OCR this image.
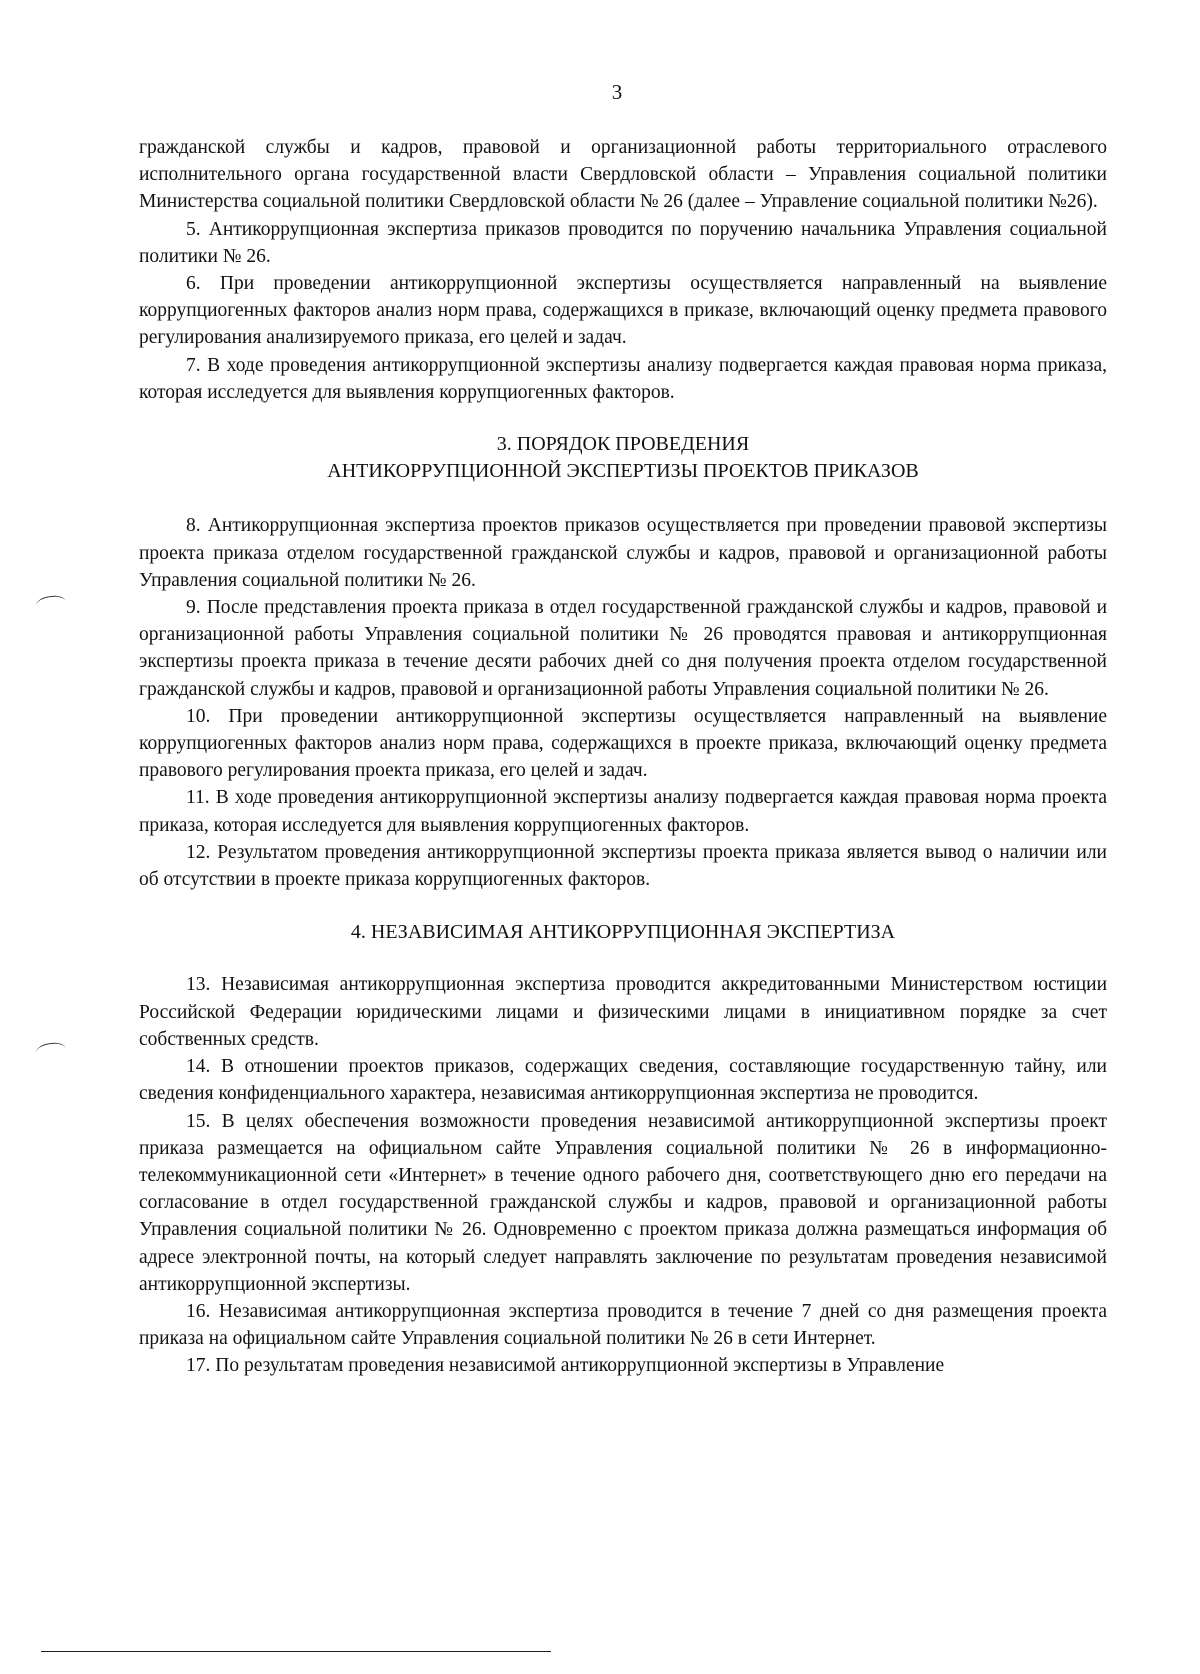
3

гражданской службы и кадров, правовой и организационной работы территориального отраслевого исполнительного органа государственной власти Свердловской области – Управления социальной политики Министерства социальной политики Свердловской области № 26 (далее – Управление социальной политики №26).

5. Антикоррупционная экспертиза приказов проводится по поручению начальника Управления социальной политики № 26.

6. При проведении антикоррупционной экспертизы осуществляется направленный на выявление коррупциогенных факторов анализ норм права, содержащихся в приказе, включающий оценку предмета правового регулирования анализируемого приказа, его целей и задач.

7. В ходе проведения антикоррупционной экспертизы анализу подвергается каждая правовая норма приказа, которая исследуется для выявления коррупциогенных факторов.

3. ПОРЯДОК ПРОВЕДЕНИЯ
АНТИКОРРУПЦИОННОЙ ЭКСПЕРТИЗЫ ПРОЕКТОВ ПРИКАЗОВ

8. Антикоррупционная экспертиза проектов приказов осуществляется при проведении правовой экспертизы проекта приказа отделом государственной гражданской службы и кадров, правовой и организационной работы Управления социальной политики № 26.

9. После представления проекта приказа в отдел государственной гражданской службы и кадров, правовой и организационной работы Управления социальной политики № 26 проводятся правовая и антикоррупционная экспертизы проекта приказа в течение десяти рабочих дней со дня получения проекта отделом государственной гражданской службы и кадров, правовой и организационной работы Управления социальной политики № 26.

10. При проведении антикоррупционной экспертизы осуществляется направленный на выявление коррупциогенных факторов анализ норм права, содержащихся в проекте приказа, включающий оценку предмета правового регулирования проекта приказа, его целей и задач.

11. В ходе проведения антикоррупционной экспертизы анализу подвергается каждая правовая норма проекта приказа, которая исследуется для выявления коррупциогенных факторов.

12. Результатом проведения антикоррупционной экспертизы проекта приказа является вывод о наличии или об отсутствии в проекте приказа коррупциогенных факторов.

4. НЕЗАВИСИМАЯ АНТИКОРРУПЦИОННАЯ ЭКСПЕРТИЗА

13. Независимая антикоррупционная экспертиза проводится аккредитованными Министерством юстиции Российской Федерации юридическими лицами и физическими лицами в инициативном порядке за счет собственных средств.

14. В отношении проектов приказов, содержащих сведения, составляющие государственную тайну, или сведения конфиденциального характера, независимая антикоррупционная экспертиза не проводится.

15. В целях обеспечения возможности проведения независимой антикоррупционной экспертизы проект приказа размещается на официальном сайте Управления социальной политики № 26 в информационно-телекоммуникационной сети «Интернет» в течение одного рабочего дня, соответствующего дню его передачи на согласование в отдел государственной гражданской службы и кадров, правовой и организационной работы Управления социальной политики № 26. Одновременно с проектом приказа должна размещаться информация об адресе электронной почты, на который следует направлять заключение по результатам проведения независимой антикоррупционной экспертизы.

16. Независимая антикоррупционная экспертиза проводится в течение 7 дней со дня размещения проекта приказа на официальном сайте Управления социальной политики № 26 в сети Интернет.

17. По результатам проведения независимой антикоррупционной экспертизы в Управление
